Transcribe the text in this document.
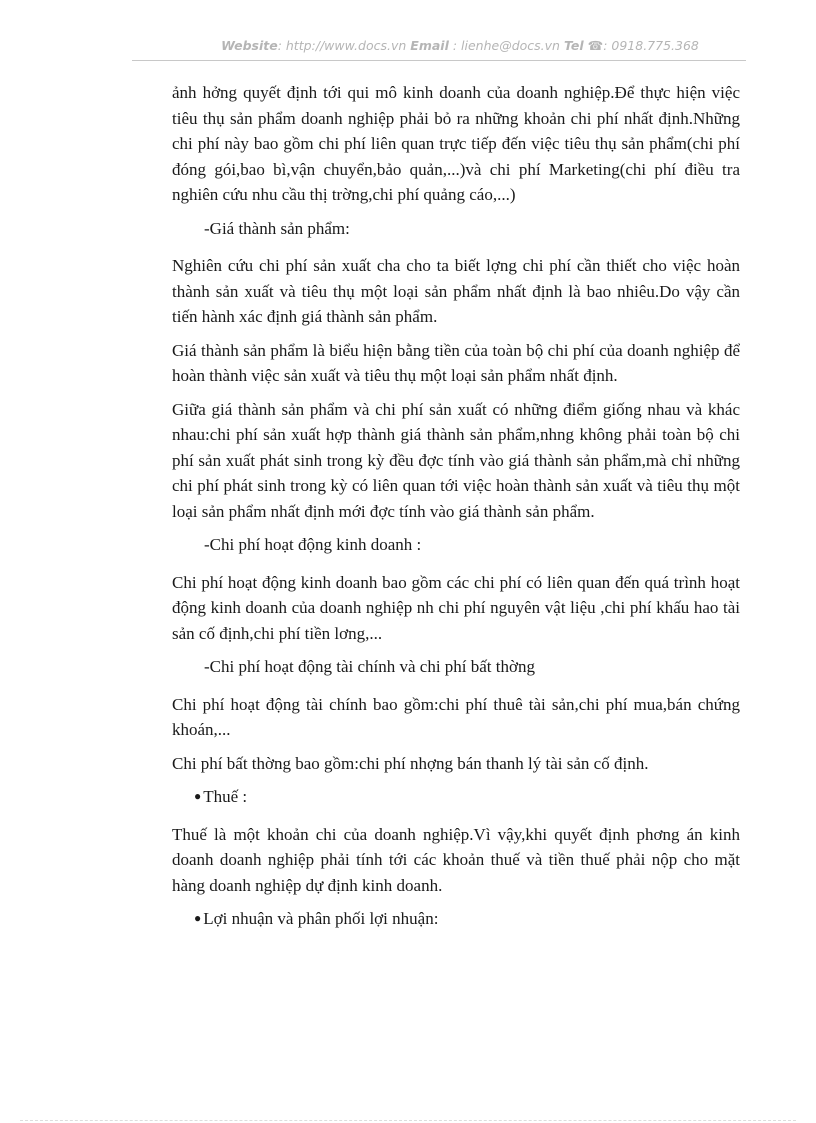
Website: http://www.docs.vn Email : lienhe@docs.vn Tel ☎: 0918.775.368

ảnh hởng quyết định tới qui mô kinh doanh của doanh nghiệp.Để thực hiện việc tiêu thụ sản phẩm doanh nghiệp phải bỏ ra những khoản chi phí nhất định.Những chi phí này bao gồm chi phí liên quan trực tiếp đến việc tiêu thụ sản phẩm(chi phí đóng gói,bao bì,vận chuyển,bảo quản,...)và chi phí Marketing(chi phí điều tra nghiên cứu nhu cầu thị trờng,chi phí quảng cáo,...)

-Giá thành sản phẩm:

Nghiên cứu chi phí sản xuất cha cho ta biết lợng chi phí cần thiết cho việc hoàn thành sản xuất và tiêu thụ một loại sản phẩm nhất định là bao nhiêu.Do vậy cần tiến hành xác định giá thành sản phẩm.

Giá thành sản phẩm là biểu hiện bằng tiền của toàn bộ chi phí của doanh nghiệp để hoàn thành việc sản xuất và tiêu thụ một loại sản phẩm nhất định.

Giữa giá thành sản phẩm và chi phí sản xuất có những điểm giống nhau và khác nhau:chi phí sản xuất hợp thành giá thành sản phẩm,nhng không phải toàn bộ chi phí sản xuất phát sinh trong kỳ đều đợc tính vào giá thành sản phẩm,mà chỉ những chi phí phát sinh trong kỳ có liên quan tới việc hoàn thành sản xuất và tiêu thụ một loại sản phẩm nhất định mới đợc tính vào giá thành sản phẩm.

-Chi phí hoạt động kinh doanh :

Chi phí hoạt động kinh doanh bao gồm các chi phí có liên quan đến quá trình hoạt động kinh doanh của doanh nghiệp nh chi phí nguyên vật liệu ,chi phí khấu hao tài sản cố định,chi phí tiền lơng,...

-Chi phí hoạt động tài chính và chi phí bất thờng

Chi phí hoạt động tài chính bao gồm:chi phí thuê tài sản,chi phí mua,bán chứng khoán,...

Chi phí bất thờng bao gồm:chi phí nhợng bán thanh lý tài sản cố định.

● Thuế :

Thuế là một khoản chi của doanh nghiệp.Vì vậy,khi quyết định phơng án kinh doanh doanh nghiệp phải tính tới các khoản thuế và tiền thuế phải nộp cho mặt hàng doanh nghiệp dự định kinh doanh.

● Lợi nhuận và phân phối lợi nhuận:
